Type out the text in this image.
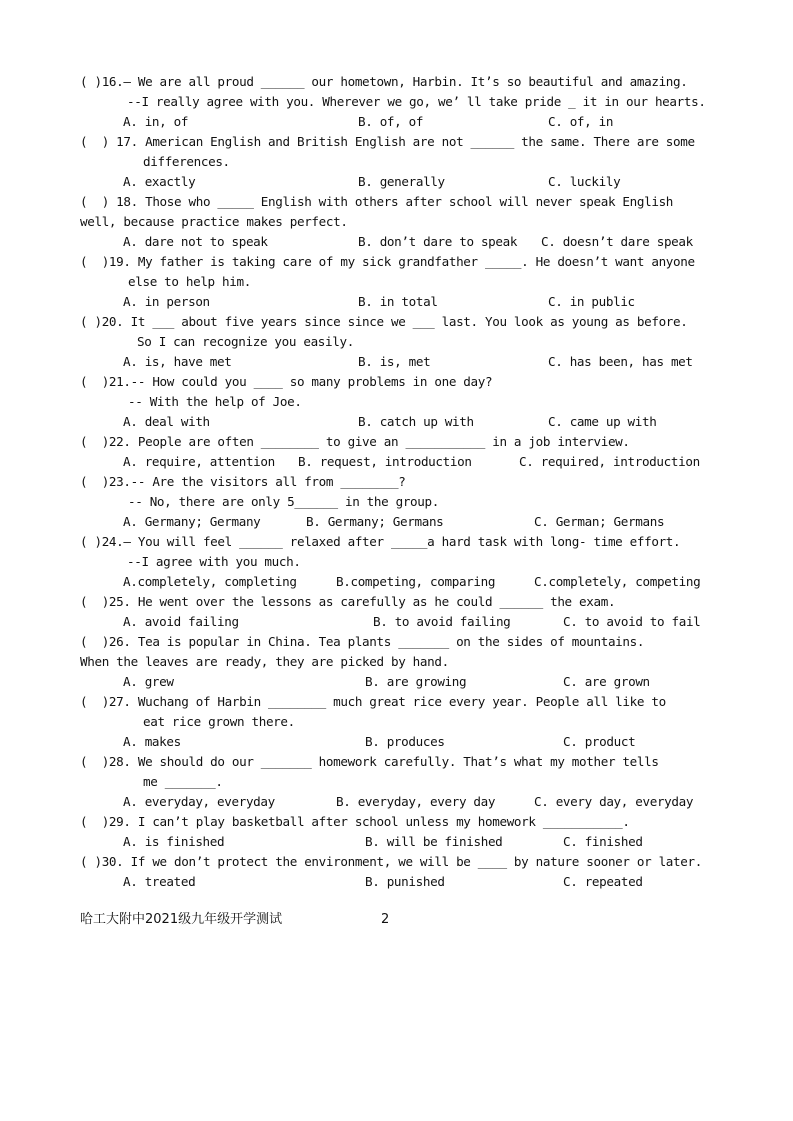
( )16.— We are all proud ______ our hometown, Harbin. It’s so beautiful and amazing.
--I really agree with you. Wherever we go, we’ ll take pride _ it in our hearts.
A. in, of	B. of, of	C. of, in
(  ) 17. American English and British English are not ______ the same. There are some
differences.
A. exactly	B. generally	C. luckily
(  ) 18. Those who _____ English with others after school will never speak English
well, because practice makes perfect.
A. dare not to speak	B. don’t dare to speak C. doesn’t dare speak
(  )19. My father is taking care of my sick grandfather _____. He doesn’t want anyone
else to help him.
A. in person	B. in total	C. in public
( )20. It ___ about five years since since we ___ last. You look as young as before.
So I can recognize you easily.
A. is, have met	B. is, met	C. has been, has met
(  )21.-- How could you ____ so many problems in one day?
-- With the help of Joe.
A. deal with	B. catch up with	C. came up with
(  )22. People are often ________ to give an ___________ in a job interview.
A. require, attention B. request, introduction	C. required, introduction
(  )23.-- Are the visitors all from ________?
-- No, there are only 5______ in the group.
A. Germany; Germany	B. Germany; Germans	C. German; Germans
( )24.— You will feel ______ relaxed after _____a hard task with long- time effort.
--I agree with you much.
A.completely, completing	B.competing, comparing	C.completely, competing
(  )25. He went over the lessons as carefully as he could ______ the exam.
A. avoid failing	B. to avoid failing	C. to avoid to fail
(  )26. Tea is popular in China. Tea plants _______ on the sides of mountains.
When the leaves are ready, they are picked by hand.
A. grew	B. are growing	C. are grown
(  )27. Wuchang of Harbin ________ much great rice every year. People all like to
eat rice grown there.
A. makes	B. produces	C. product
(  )28. We should do our _______ homework carefully. That’s what my mother tells
me _______.
A. everyday, everyday	B. everyday, every day	C. every day, everyday
(  )29. I can’t play basketball after school unless my homework ___________.
A. is finished	B. will be finished	C. finished
( )30. If we don’t protect the environment, we will be ____ by nature sooner or later.
A. treated	B. punished	C. repeated
哈工大附中2021级九年级开学测试	2
